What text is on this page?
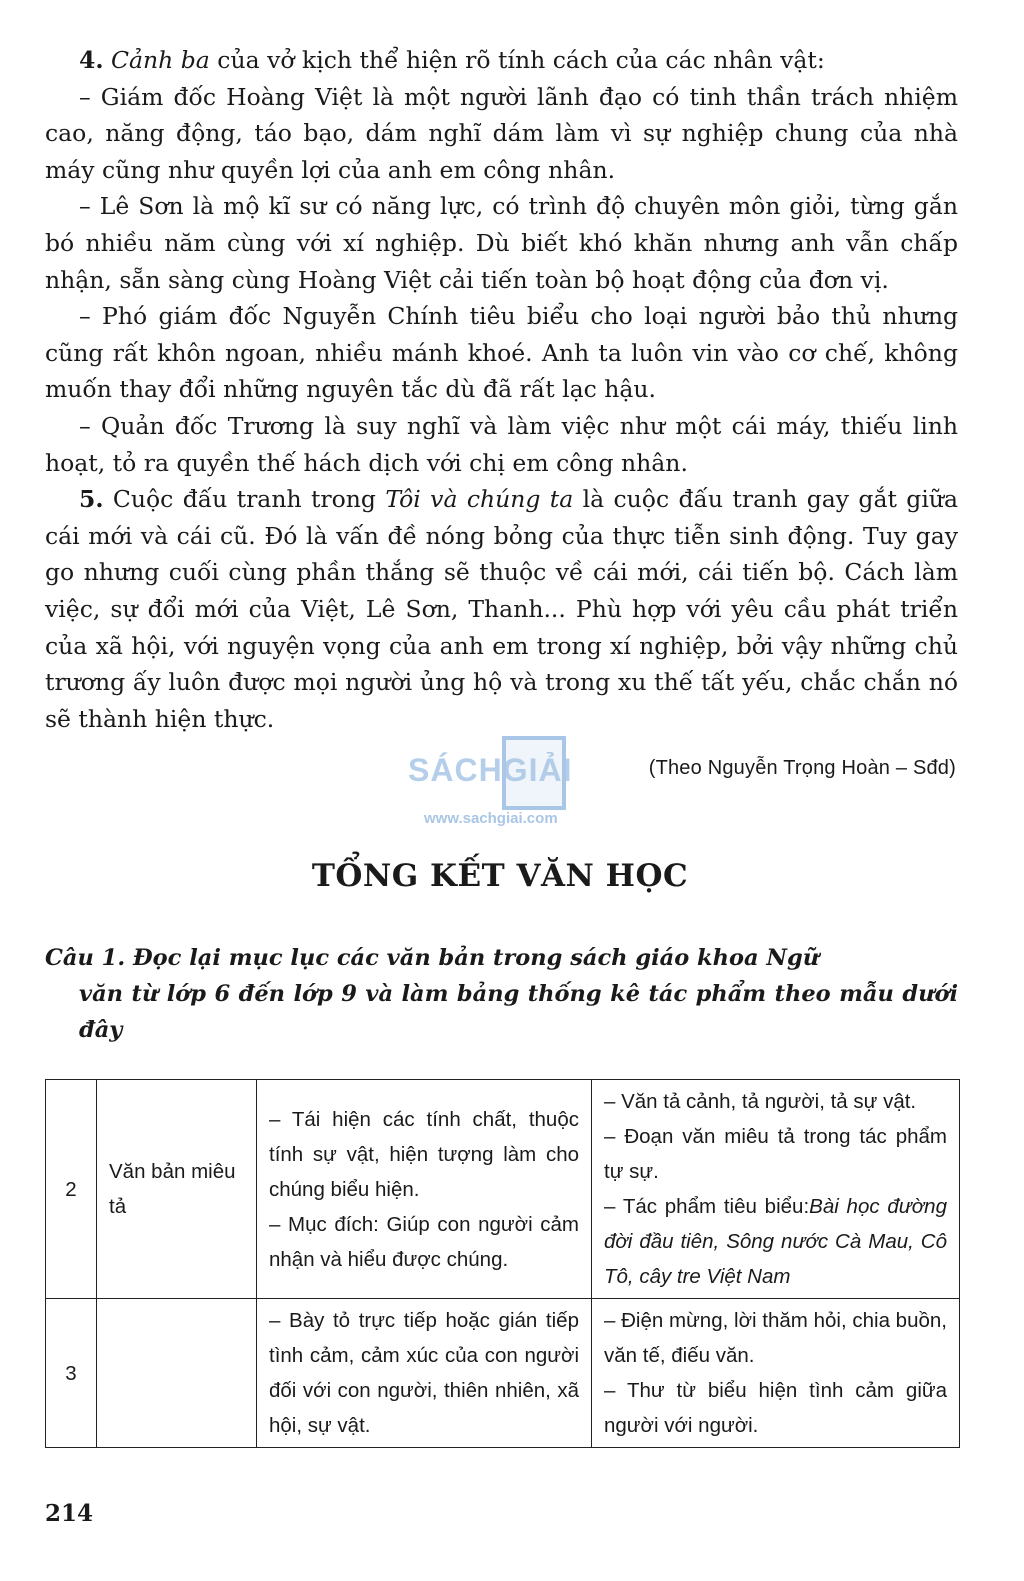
4. Cảnh ba của vở kịch thể hiện rõ tính cách của các nhân vật:

– Giám đốc Hoàng Việt là một người lãnh đạo có tinh thần trách nhiệm cao, năng động, táo bạo, dám nghĩ dám làm vì sự nghiệp chung của nhà máy cũng như quyền lợi của anh em công nhân.

– Lê Sơn là mộ kĩ sư có năng lực, có trình độ chuyên môn giỏi, từng gắn bó nhiều năm cùng với xí nghiệp. Dù biết khó khăn nhưng anh vẫn chấp nhận, sẵn sàng cùng Hoàng Việt cải tiến toàn bộ hoạt động của đơn vị.

– Phó giám đốc Nguyễn Chính tiêu biểu cho loại người bảo thủ nhưng cũng rất khôn ngoan, nhiều mánh khoé. Anh ta luôn vin vào cơ chế, không muốn thay đổi những nguyên tắc dù đã rất lạc hậu.

– Quản đốc Trương là suy nghĩ và làm việc như một cái máy, thiếu linh hoạt, tỏ ra quyền thế hách dịch với chị em công nhân.

5. Cuộc đấu tranh trong Tôi và chúng ta là cuộc đấu tranh gay gắt giữa cái mới và cái cũ. Đó là vấn đề nóng bỏng của thực tiễn sinh động. Tuy gay go nhưng cuối cùng phần thắng sẽ thuộc về cái mới, cái tiến bộ. Cách làm việc, sự đổi mới của Việt, Lê Sơn, Thanh... Phù hợp với yêu cầu phát triển của xã hội, với nguyện vọng của anh em trong xí nghiệp, bởi vậy những chủ trương ấy luôn được mọi người ủng hộ và trong xu thế tất yếu, chắc chắn nó sẽ thành hiện thực.

SÁCHGIẢI
www.sachgiai.com
(Theo Nguyễn Trọng Hoàn – Sđd)
TỔNG KẾT VĂN HỌC
Câu 1. Đọc lại mục lục các văn bản trong sách giáo khoa Ngữ
văn từ lớp 6 đến lớp 9 và làm bảng thống kê tác phẩm theo mẫu dưới đây
2	Văn bản miêu tả	– Tái hiện các tính chất, thuộc tính sự vật, hiện tượng làm cho chúng biểu hiện.
– Mục đích: Giúp con người cảm nhận và hiểu được chúng.	– Văn tả cảnh, tả người, tả sự vật.
– Đoạn văn miêu tả trong tác phẩm tự sự.
– Tác phẩm tiêu biểu:Bài học đường đời đầu tiên, Sông nước Cà Mau, Cô Tô, cây tre Việt Nam

3		– Bày tỏ trực tiếp hoặc gián tiếp tình cảm, cảm xúc của con người đối với con người, thiên nhiên, xã hội, sự vật.	– Điện mừng, lời thăm hỏi, chia buồn, văn tế, điếu văn.
– Thư từ biểu hiện tình cảm giữa người với người.
214
